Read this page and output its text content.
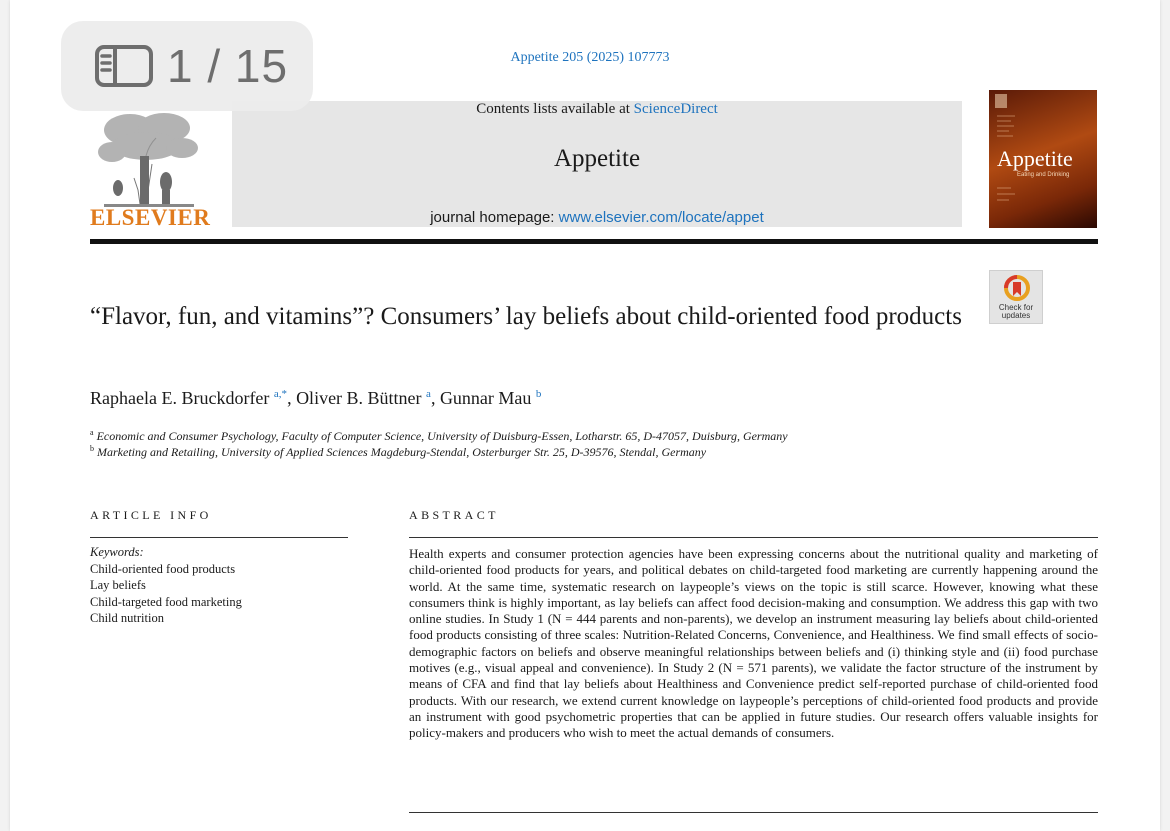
Appetite 205 (2025) 107773
ELSEVIER
Contents lists available at ScienceDirect
Appetite
journal homepage: www.elsevier.com/locate/appet
Appetite
Eating and Drinking
Check for
updates
“Flavor, fun, and vitamins”? Consumers’ lay beliefs about child-oriented food products
Raphaela E. Bruckdorfer $^{a,*}$, Oliver B. Büttner $^a$, Gunnar Mau $^b$
$^a$ Economic and Consumer Psychology, Faculty of Computer Science, University of Duisburg-Essen, Lotharstr. 65, D-47057, Duisburg, Germany
$^b$ Marketing and Retailing, University of Applied Sciences Magdeburg-Stendal, Osterburger Str. 25, D-39576, Stendal, Germany
ARTICLE INFO	ABSTRACT
Keywords:
Child-oriented food products
Lay beliefs
Child-targeted food marketing
Child nutrition
Health experts and consumer protection agencies have been expressing concerns about the nutritional quality and marketing of child-oriented food products for years, and political debates on child-targeted food marketing are currently happening around the world. At the same time, systematic research on laypeople’s views on the topic is still scarce. However, knowing what these consumers think is highly important, as lay beliefs can affect food decision-making and consumption. We address this gap with two online studies. In Study 1 (N = 444 parents and non-parents), we develop an instrument measuring lay beliefs about child-oriented food products consisting of three scales: Nutrition-Related Concerns, Convenience, and Healthiness. We find small effects of socio-demographic factors on beliefs and observe meaningful relationships between beliefs and (i) thinking style and (ii) food purchase motives (e.g., visual appeal and convenience). In Study 2 (N = 571 parents), we validate the factor structure of the instrument by means of CFA and find that lay beliefs about Healthiness and Convenience predict self-reported purchase of child-oriented food products. With our research, we extend current knowledge on laypeople’s perceptions of child-oriented food products and provide an instrument with good psychometric properties that can be applied in future studies. Our research offers valuable insights for policy-makers and producers who wish to meet the actual demands of consumers.
1 / 15
